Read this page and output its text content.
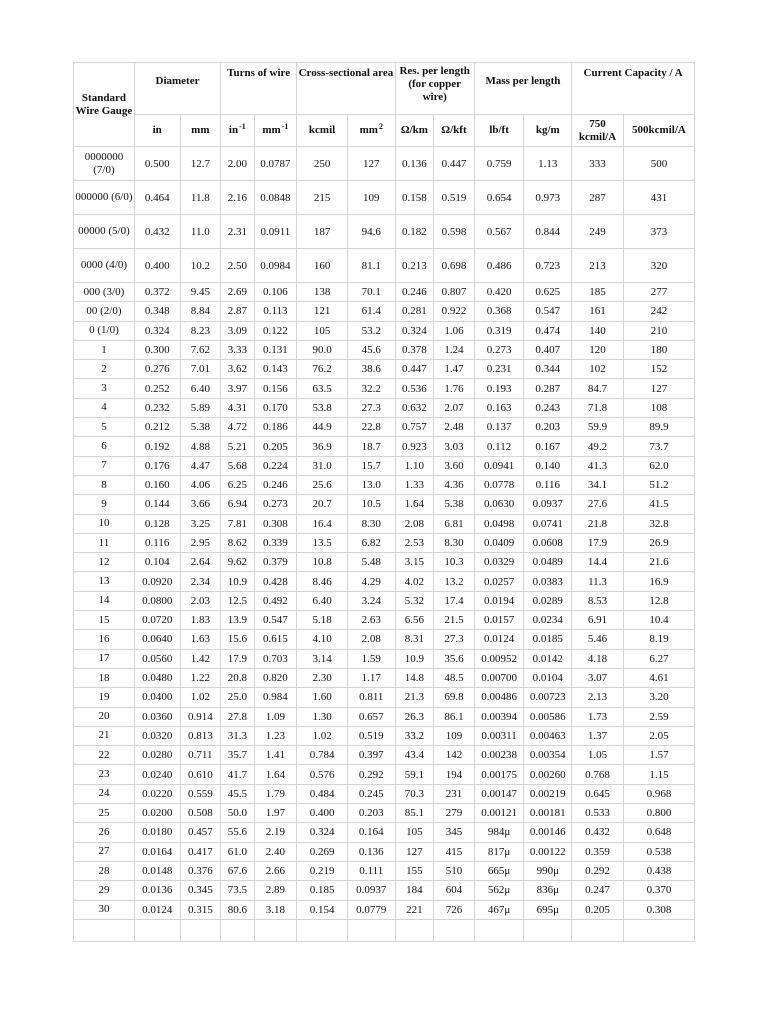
Standard Wire Gauge	Diameter		Turns of wire		Cross-sectional area		Res. per length (for copper wire)		Mass per length		Current Capacity / A	
	in	mm	$in^{-1}$	$mm^{-1}$	kcmil	$mm^2$	Ω/km	Ω/kft	lb/ft	kg/m	750 kcmil/A	500kcmil/A
0000000 (7/0)	0.500	12.7	2.00	0.0787	250	127	0.136	0.447	0.759	1.13	333	500
000000 (6/0)	0.464	11.8	2.16	0.0848	215	109	0.158	0.519	0.654	0.973	287	431
00000 (5/0)	0.432	11.0	2.31	0.0911	187	94.6	0.182	0.598	0.567	0.844	249	373
0000 (4/0)	0.400	10.2	2.50	0.0984	160	81.1	0.213	0.698	0.486	0.723	213	320
000 (3/0)	0.372	9.45	2.69	0.106	138	70.1	0.246	0.807	0.420	0.625	185	277
00 (2/0)	0.348	8.84	2.87	0.113	121	61.4	0.281	0.922	0.368	0.547	161	242
0 (1/0)	0.324	8.23	3.09	0.122	105	53.2	0.324	1.06	0.319	0.474	140	210
1	0.300	7.62	3.33	0.131	90.0	45.6	0.378	1.24	0.273	0.407	120	180
2	0.276	7.01	3.62	0.143	76.2	38.6	0.447	1.47	0.231	0.344	102	152
3	0.252	6.40	3.97	0.156	63.5	32.2	0.536	1.76	0.193	0.287	84.7	127
4	0.232	5.89	4.31	0.170	53.8	27.3	0.632	2.07	0.163	0.243	71.8	108
5	0.212	5.38	4.72	0.186	44.9	22.8	0.757	2.48	0.137	0.203	59.9	89.9
6	0.192	4.88	5.21	0.205	36.9	18.7	0.923	3.03	0.112	0.167	49.2	73.7
7	0.176	4.47	5.68	0.224	31.0	15.7	1.10	3.60	0.0941	0.140	41.3	62.0
8	0.160	4.06	6.25	0.246	25.6	13.0	1.33	4.36	0.0778	0.116	34.1	51.2
9	0.144	3.66	6.94	0.273	20.7	10.5	1.64	5.38	0.0630	0.0937	27.6	41.5
10	0.128	3.25	7.81	0.308	16.4	8.30	2.08	6.81	0.0498	0.0741	21.8	32.8
11	0.116	2.95	8.62	0.339	13.5	6.82	2.53	8.30	0.0409	0.0608	17.9	26.9
12	0.104	2.64	9.62	0.379	10.8	5.48	3.15	10.3	0.0329	0.0489	14.4	21.6
13	0.0920	2.34	10.9	0.428	8.46	4.29	4.02	13.2	0.0257	0.0383	11.3	16.9
14	0.0800	2.03	12.5	0.492	6.40	3.24	5.32	17.4	0.0194	0.0289	8.53	12.8
15	0.0720	1.83	13.9	0.547	5.18	2.63	6.56	21.5	0.0157	0.0234	6.91	10.4
16	0.0640	1.63	15.6	0.615	4.10	2.08	8.31	27.3	0.0124	0.0185	5.46	8.19
17	0.0560	1.42	17.9	0.703	3.14	1.59	10.9	35.6	0.00952	0.0142	4.18	6.27
18	0.0480	1.22	20.8	0.820	2.30	1.17	14.8	48.5	0.00700	0.0104	3.07	4.61
19	0.0400	1.02	25.0	0.984	1.60	0.811	21.3	69.8	0.00486	0.00723	2.13	3.20
20	0.0360	0.914	27.8	1.09	1.30	0.657	26.3	86.1	0.00394	0.00586	1.73	2.59
21	0.0320	0.813	31.3	1.23	1.02	0.519	33.2	109	0.00311	0.00463	1.37	2.05
22	0.0280	0.711	35.7	1.41	0.784	0.397	43.4	142	0.00238	0.00354	1.05	1.57
23	0.0240	0.610	41.7	1.64	0.576	0.292	59.1	194	0.00175	0.00260	0.768	1.15
24	0.0220	0.559	45.5	1.79	0.484	0.245	70.3	231	0.00147	0.00219	0.645	0.968
25	0.0200	0.508	50.0	1.97	0.400	0.203	85.1	279	0.00121	0.00181	0.533	0.800
26	0.0180	0.457	55.6	2.19	0.324	0.164	105	345	984μ	0.00146	0.432	0.648
27	0.0164	0.417	61.0	2.40	0.269	0.136	127	415	817μ	0.00122	0.359	0.538
28	0.0148	0.376	67.6	2.66	0.219	0.111	155	510	665μ	990μ	0.292	0.438
29	0.0136	0.345	73.5	2.89	0.185	0.0937	184	604	562μ	836μ	0.247	0.370
30	0.0124	0.315	80.6	3.18	0.154	0.0779	221	726	467μ	695μ	0.205	0.308
